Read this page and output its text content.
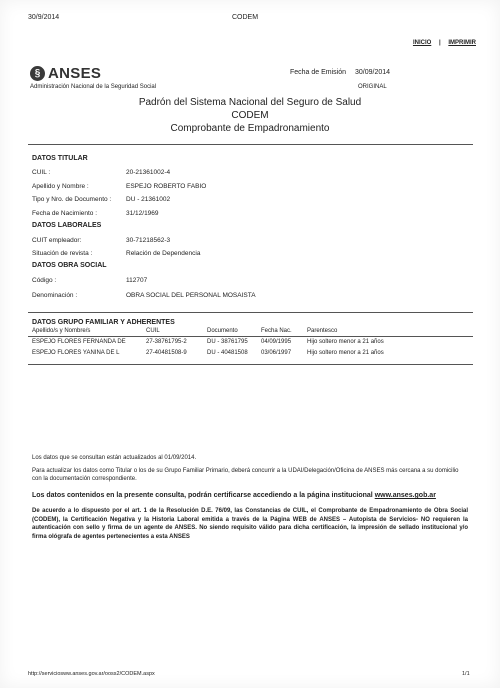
30/9/2014	CODEM
INICIO | IMPRIMIR
§ ANSES
Administración Nacional de la Seguridad Social
Fecha de Emisión 30/09/2014
ORIGINAL
Padrón del Sistema Nacional del Seguro de Salud
CODEM
Comprobante de Empadronamiento
DATOS TITULAR
CUIL :	20-21361002-4
Apellido y Nombre :	ESPEJO ROBERTO FABIO
Tipo y Nro. de Documento : DU - 21361002
Fecha de Nacimiento :	31/12/1969
DATOS LABORALES
CUIT empleador:	30-71218562-3
Situación de revista :	Relación de Dependencia
DATOS OBRA SOCIAL
Código :	112707
Denominación :	OBRA SOCIAL DEL PERSONAL MOSAISTA
DATOS GRUPO FAMILIAR Y ADHERENTES
Apellido/s y Nombre/s	CUIL	Documento	Fecha Nac.	Parentesco
ESPEJO FLORES FERNANDA DE	27-38761795-2	DU - 38761795 04/09/1995	Hijo soltero menor a 21 años
ESPEJO FLORES YANINA DE L	27-40481508-9	DU - 40481508 03/06/1997	Hijo soltero menor a 21 años

Los datos que se consultan están actualizados al 01/09/2014.

Para actualizar los datos como Titular o los de su Grupo Familiar Primario, deberá concurrir a la UDAI/Delegación/Oficina de ANSES más cercana a su domicilio con la documentación correspondiente.

Los datos contenidos en la presente consulta, podrán certificarse accediendo a la página institucional www.anses.gob.ar

De acuerdo a lo dispuesto por el art. 1 de la Resolución D.E. 76/09, las Constancias de CUIL, el Comprobante de Empadronamiento de Obra Social (CODEM), la Certificación Negativa y la Historia Laboral emitida a través de la Página WEB de ANSES – Autopista de Servicios- NO requieren la autenticación con sello y firma de un agente de ANSES. No siendo requisito válido para dicha certificación, la impresión de sellado institucional y/o firma ológrafa de agentes pertenecientes a esta ANSES

http://serviciosww.anses.gov.ar/ooss2/CODEM.aspx	1/1
